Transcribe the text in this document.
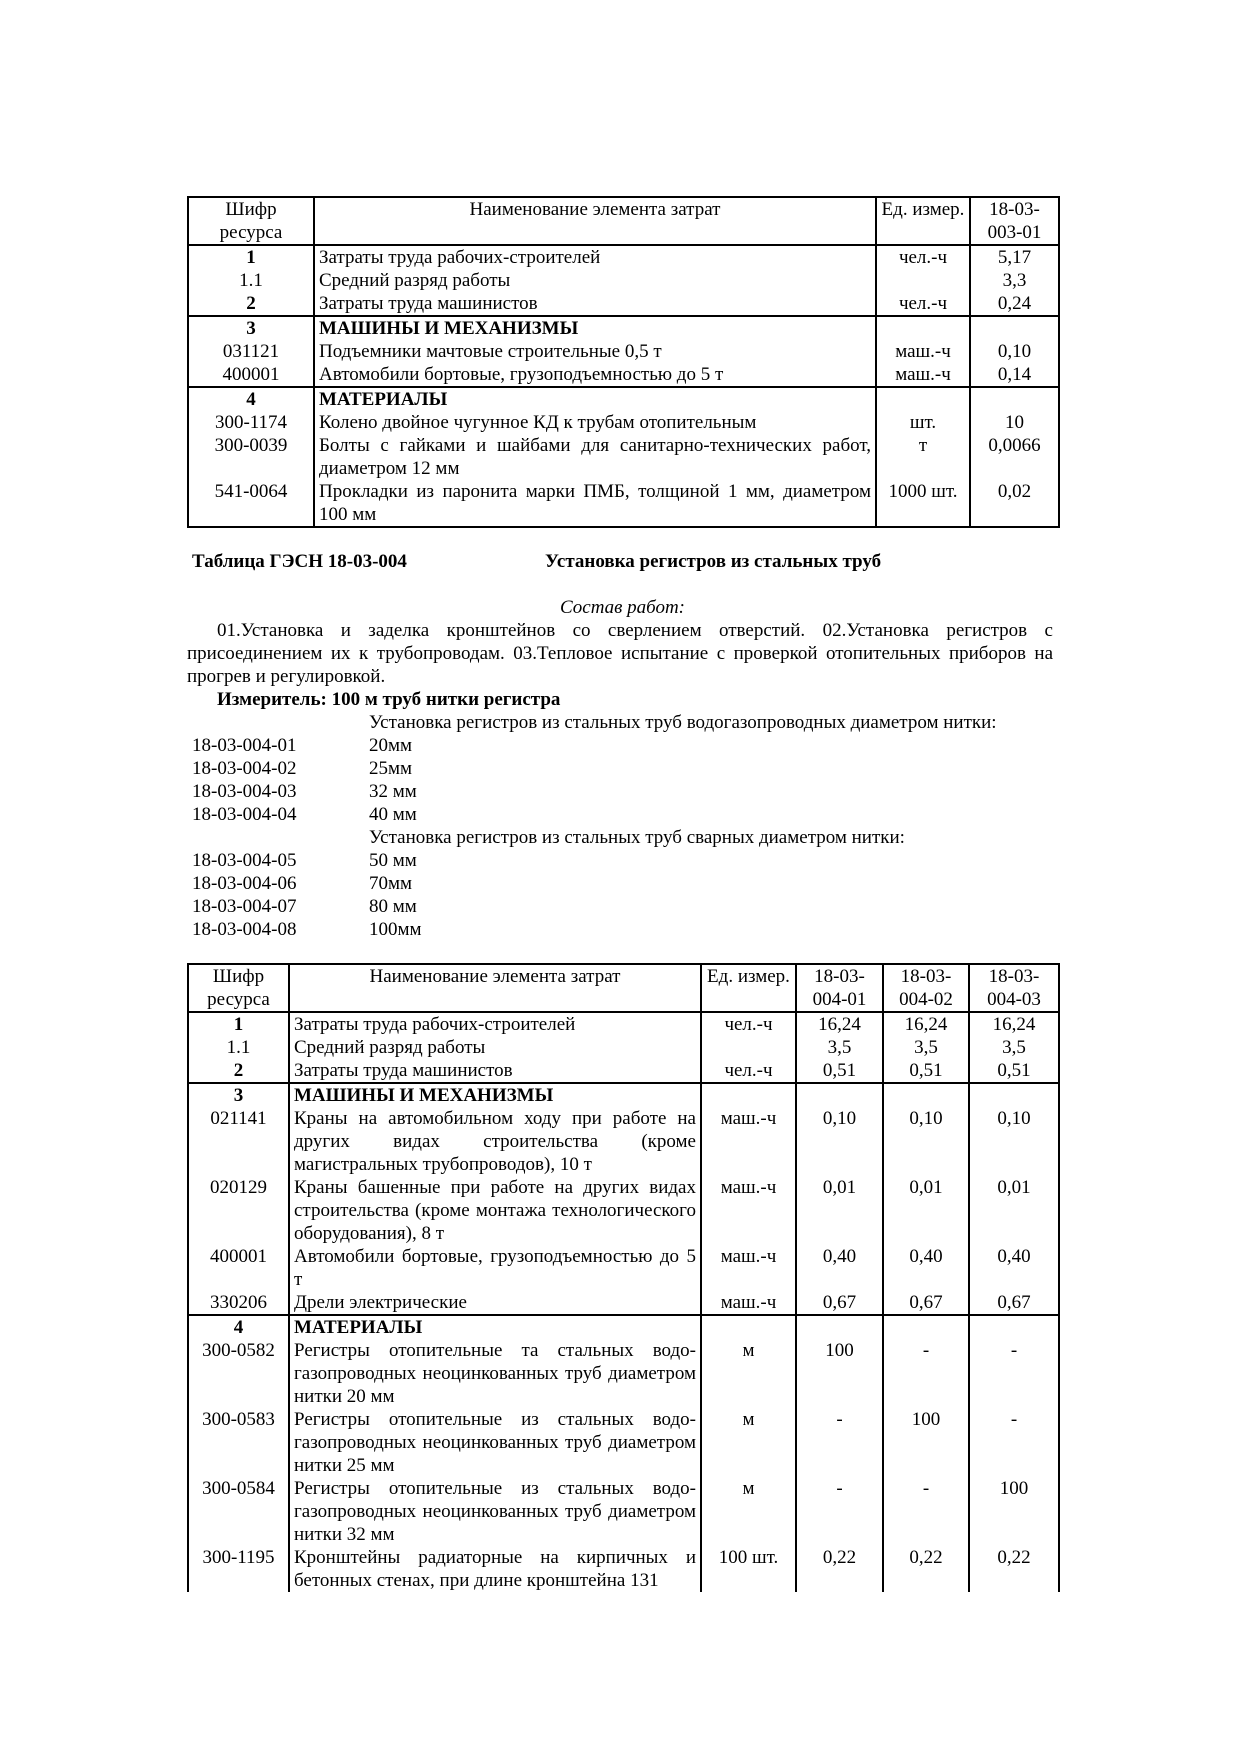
Шифр ресурса	Наименование элемента затрат	Ед. измер.	18-03-003-01
1	Затраты труда рабочих-строителей	чел.-ч	5,17
1.1	Средний разряд работы		3,3
2	Затраты труда машинистов	чел.-ч	0,24
3	МАШИНЫ И МЕХАНИЗМЫ		
031121	Подъемники мачтовые строительные 0,5 т	маш.-ч	0,10
400001	Автомобили бортовые, грузоподъемностью до 5 т	маш.-ч	0,14
4	МАТЕРИАЛЫ		
300-1174	Колено двойное чугунное КД к трубам отопительным	шт.	10
300-0039	Болты с гайками и шайбами для санитарно-технических работ, диаметром 12 мм	т	0,0066
541-0064	Прокладки из паронита марки ПМБ, толщиной 1 мм, диаметром 100 мм	1000 шт.	0,02
Таблица ГЭСН 18-03-004	Установка регистров из стальных труб
Состав работ:
01.Установка и заделка кронштейнов со сверлением отверстий. 02.Установка регистров с присоединением их к трубопроводам. 03.Тепловое испытание с проверкой отопительных приборов на прогрев и регулировкой.
Измеритель: 100 м труб нитки регистра
Установка регистров из стальных труб водогазопроводных диаметром нитки:
18-03-004-01	20мм
18-03-004-02	25мм
18-03-004-03	32 мм
18-03-004-04	40 мм
Установка регистров из стальных труб сварных диаметром нитки:
18-03-004-05	50 мм
18-03-004-06	70мм
18-03-004-07	80 мм
18-03-004-08	100мм
Шифр ресурса	Наименование элемента затрат	Ед. измер.	18-03-004-01	18-03-004-02	18-03-004-03
1	Затраты труда рабочих-строителей	чел.-ч	16,24	16,24	16,24
1.1	Средний разряд работы		3,5	3,5	3,5
2	Затраты труда машинистов	чел.-ч	0,51	0,51	0,51
3	МАШИНЫ И МЕХАНИЗМЫ				
021141	Краны на автомобильном ходу при работе на других видах строительства (кроме магистральных трубопроводов), 10 т	маш.-ч	0,10	0,10	0,10
020129	Краны башенные при работе на других видах строительства (кроме монтажа технологического оборудования), 8 т	маш.-ч	0,01	0,01	0,01
400001	Автомобили бортовые, грузоподъемностью до 5 т	маш.-ч	0,40	0,40	0,40
330206	Дрели электрические	маш.-ч	0,67	0,67	0,67
4	МАТЕРИАЛЫ				
300-0582	Регистры отопительные та стальных водо-газопроводных неоцинкованных труб диаметром нитки 20 мм	м	100	-	-
300-0583	Регистры отопительные из стальных водо-газопроводных неоцинкованных труб диаметром нитки 25 мм	м	-	100	-
300-0584	Регистры отопительные из стальных водо-газопроводных неоцинкованных труб диаметром нитки 32 мм	м	-	-	100
300-1195	Кронштейны радиаторные на кирпичных и бетонных стенах, при длине кронштейна 131	100 шт.	0,22	0,22	0,22
